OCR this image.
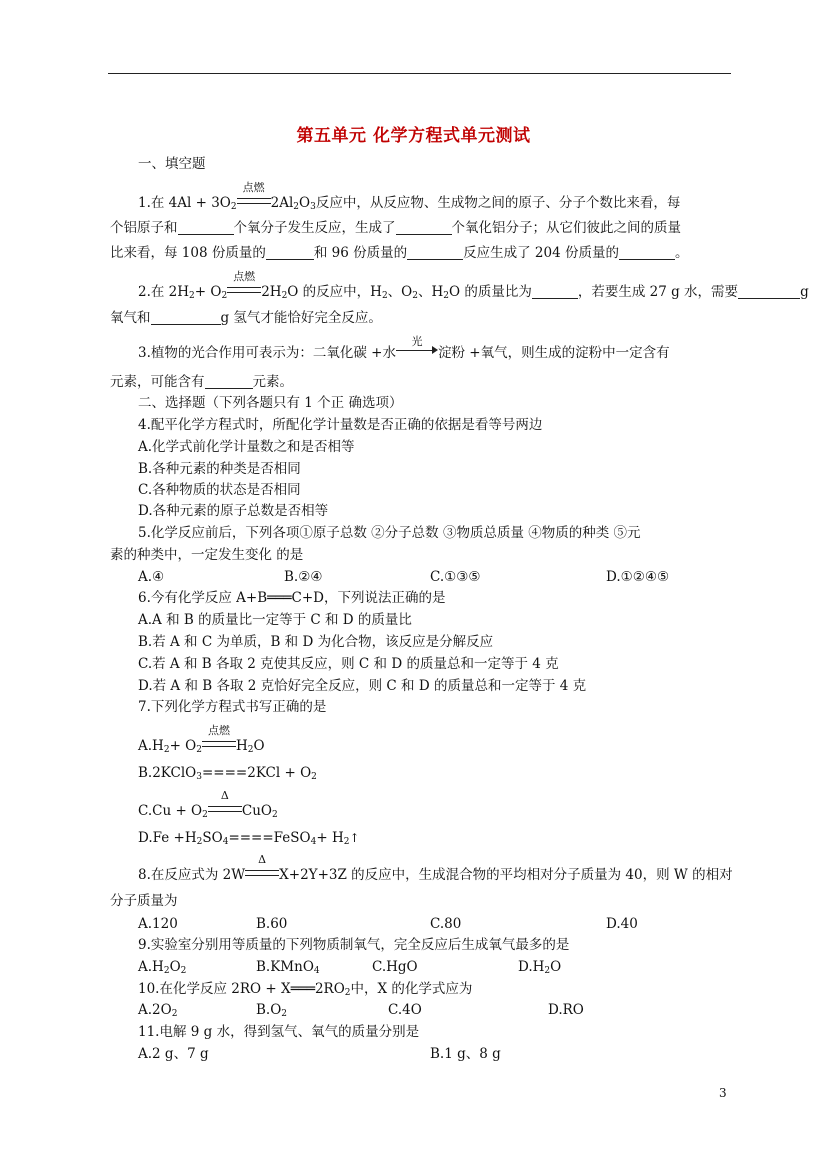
第五单元 化学方程式单元测试
一、填空题
1.在 $4Al + 3O_2$
点燃
$2Al_2O_3$反应中，从反应物、生成物之间的原子、分子个数比来看，每
个铝原子和	个氧分子发生反应，生成了	个氧化铝分子；从它们彼此之间的质量
比来看，每 108 份质量的	和 96 份质量的	反应生成了 204 份质量的	。
2.在 $2H_2+ O_2$
点燃
$2H_2O$ 的反应中，$H_2$、$O_2$、$H_2O$ 的质量比为	，若要生成 27 g 水，需要	g
氧气和	g 氢气才能恰好完全反应。
3.植物的光合作用可表示为：二氧化碳 +水
光
淀粉 +氧气，则生成的淀粉中一定含有
元素，可能含有	元素。
二、选择题（下列各题只有 1 个正 确选项）
4.配平化学方程式时，所配化学计量数是否正确的依据是看等号两边
A.化学式前化学计量数之和是否相等
B.各种元素的种类是否相同
C.各种物质的状态是否相同
D.各种元素的原子总数是否相等
5.化学反应前后，下列各项①原子总数 ②分子总数 ③物质总质量 ④物质的种类 ⑤元
素的种类中，一定发生变化 的是
A.④	B.②④	C.①③⑤	D.①②④⑤
6.今有化学反应 A+B═══C+D，下列说法正确的是
A.A 和 B 的质量比一定等于 C 和 D 的质量比
B.若 A 和 C 为单质，B 和 D 为化合物，该反应是分解反应
C.若 A 和 B 各取 2 克使其反应，则 C 和 D 的质量总和一定等于 4 克
D.若 A 和 B 各取 2 克恰好完全反应，则 C 和 D 的质量总和一定等于 4 克
7.下列化学方程式书写正确的是
$A.H_2+ O_2$
点燃
$H_2O$
B.2KClO$_3$====2KCl + $O_2$
$C.Cu + O_2$
Δ
CuO$_2$
$D.Fe +H_2SO_4====FeSO_4+$ $H_2↑$
8.在反应式为 2W
Δ
X+2Y+3Z 的反应中，生成混合物的平均相对分子质量为 40，则 W 的相对
分子质量为
A.120	B.60	C.80	D.40
9.实验室分别用等质量的下列物质制氧气，完全反应后生成氧气最多的是
$A.H_2O_2$	B.KMnO$_4$	C.HgO	$D.H_2O$
10.在化学反应 $2RO + X═══2RO_2$中，X 的化学式应为
$A.2O_2$	$B.O_2$	C.4O	D.RO
11.电解 9 g 水，得到氢气、氧气的质量分别是
A.2 g、7 g	B.1 g、8 g
3
